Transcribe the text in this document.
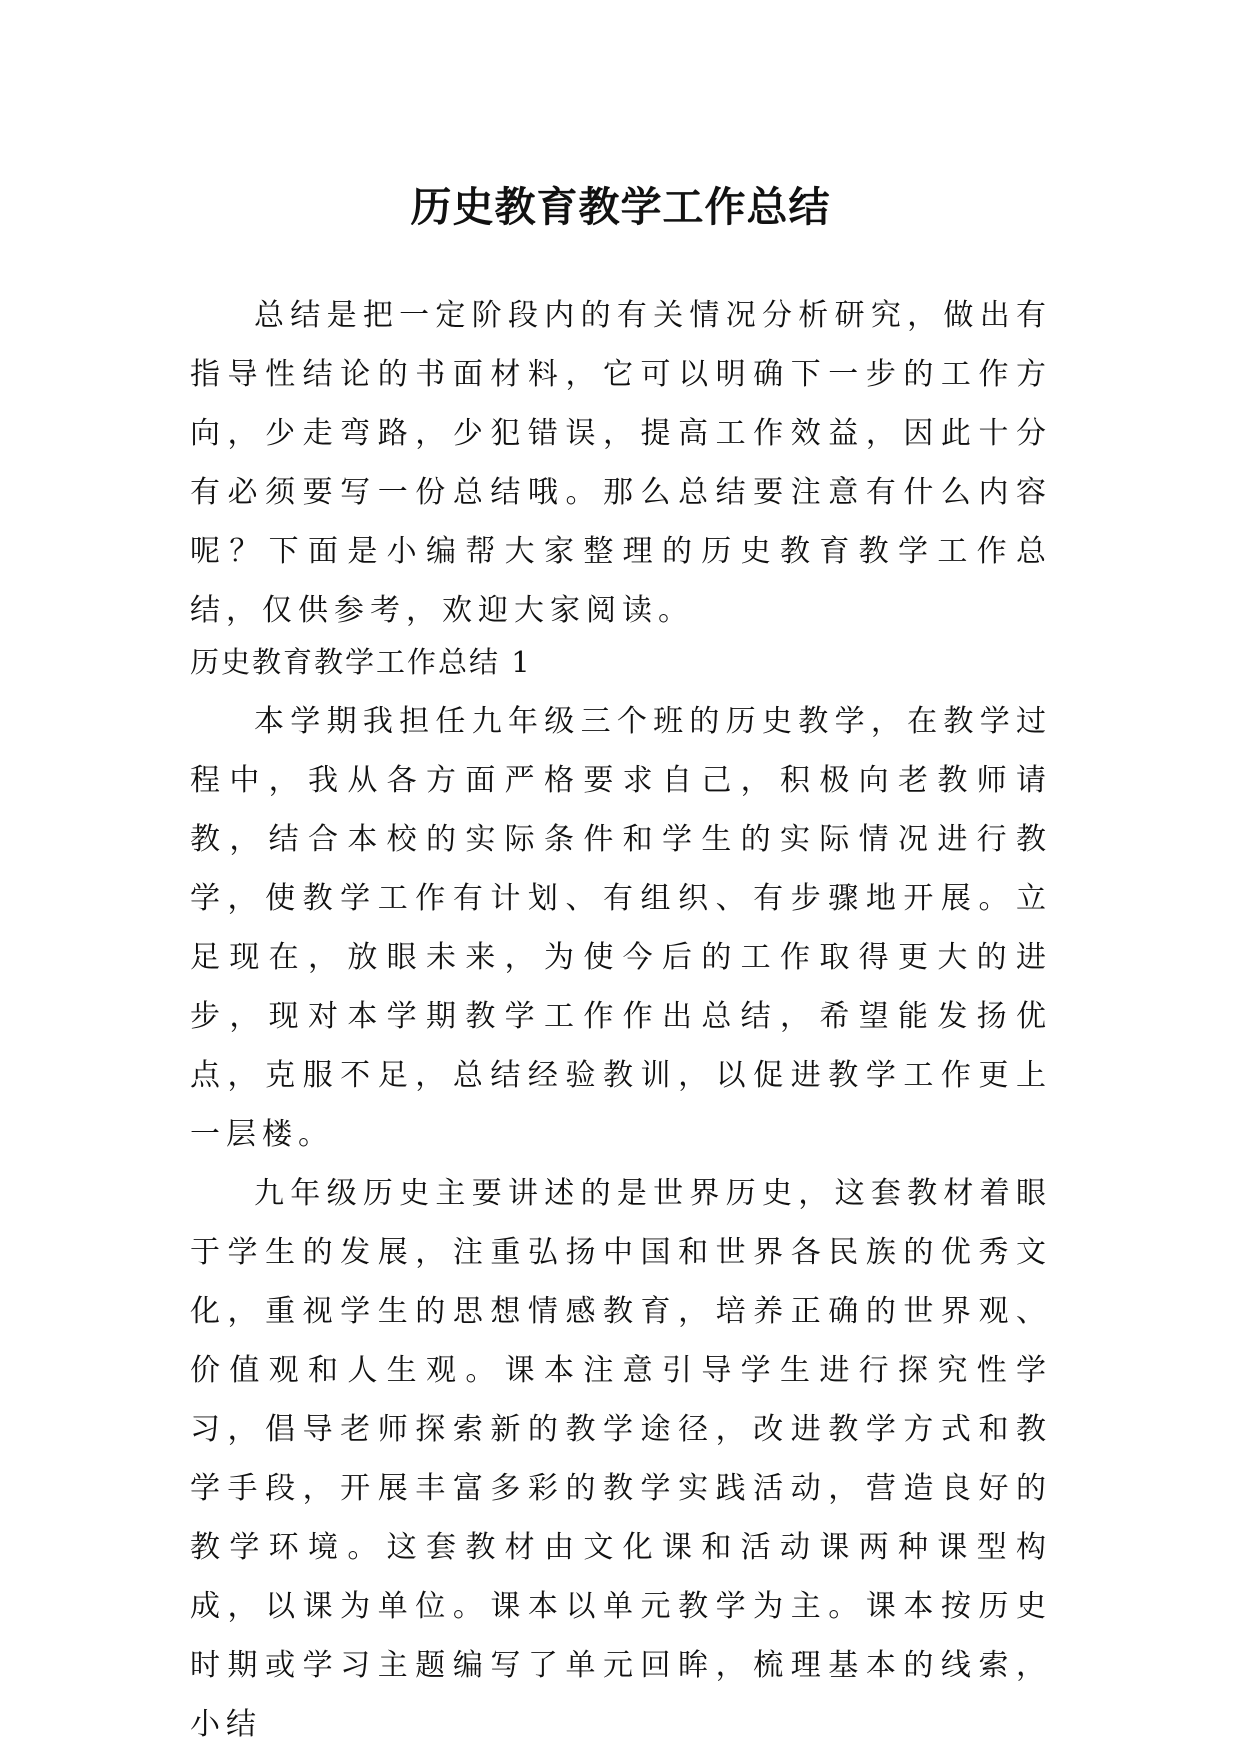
历史教育教学工作总结

总结是把一定阶段内的有关情况分析研究，做出有指导性结论的书面材料，它可以明确下一步的工作方向，少走弯路，少犯错误，提高工作效益，因此十分有必须要写一份总结哦。那么总结要注意有什么内容呢？下面是小编帮大家整理的历史教育教学工作总结，仅供参考，欢迎大家阅读。

历史教育教学工作总结 1

本学期我担任九年级三个班的历史教学，在教学过程中，我从各方面严格要求自己，积极向老教师请教，结合本校的实际条件和学生的实际情况进行教学，使教学工作有计划、有组织、有步骤地开展。立足现在，放眼未来，为使今后的工作取得更大的进步，现对本学期教学工作作出总结，希望能发扬优点，克服不足，总结经验教训，以促进教学工作更上一层楼。

九年级历史主要讲述的是世界历史，这套教材着眼于学生的发展，注重弘扬中国和世界各民族的优秀文化，重视学生的思想情感教育，培养正确的世界观、价值观和人生观。课本注意引导学生进行探究性学习，倡导老师探索新的教学途径，改进教学方式和教学手段，开展丰富多彩的教学实践活动，营造良好的教学环境。这套教材由文化课和活动课两种课型构成，以课为单位。课本以单元教学为主。课本按历史时期或学习主题编写了单元回眸，梳理基本的线索，小结
